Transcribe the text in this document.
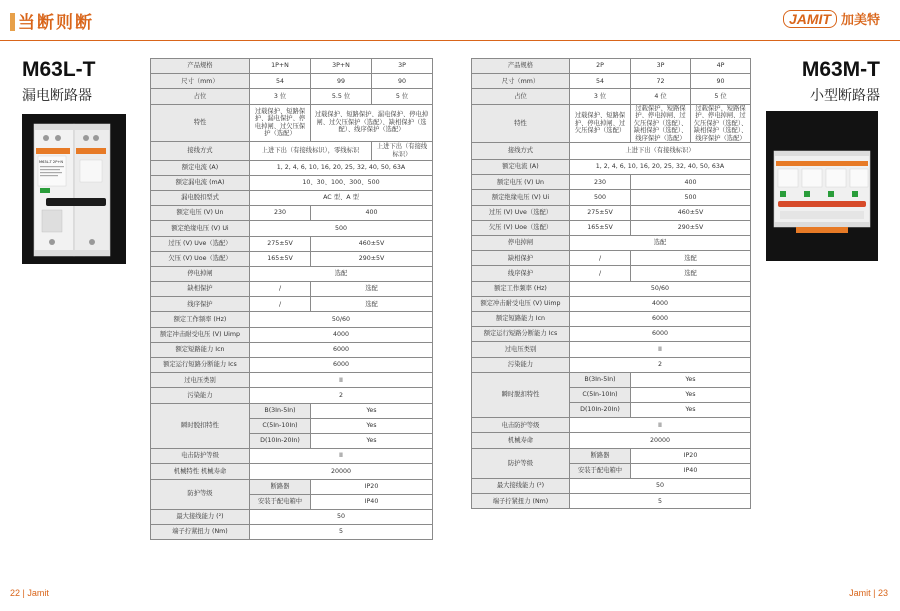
当断则断	JAMIT 加美特
M63L-T
漏电断路器
M63M-T
小型断路器
M63L-T 2P+N
产品规格	1P+N	3P+N	3P
尺寸（mm）	54	99	90
占位	3 位	5.5 位	5 位
特性	过载保护、短路保护、漏电保护、停电掉闸、过欠压保护（选配）	过载保护、短路保护、漏电保护、停电掉闸、过欠压保护（选配）、缺相保护（选配）、线序保护（选配）	
接线方式	上进下出（有接线标识），零线标识		上进下出（有接线标识）
额定电流 (A)	1, 2, 4, 6, 10, 16, 20, 25, 32, 40, 50, 63A		
额定漏电流 (mA)	10、30、100、300、500		
漏电脱扣型式	AC 型、A 型		
额定电压 (V) Un	230	400	
额定绝缘电压 (V) Ui	500		
过压 (V) Uve（选配）	275±5V	460±5V	
欠压 (V) Uoe（选配）	165±5V	290±5V	
停电掉闸	选配		
缺相保护	/	选配	
线序保护	/	选配	
额定工作频率 (Hz)	50/60		
额定冲击耐受电压 (V) Uimp	4000		
额定短路能力 Icn	6000		
额定运行短路分断能力 Ics	6000		
过电压类别	II		
污染能力	2		
瞬时脱扣特性	B(3In-5In)	Yes	
	C(5In-10In)	Yes	
	D(10In-20In)	Yes	
电击防护等级	II		
机械特性 机械寿命	20000		
防护等级	断路器	IP20	
	安装于配电箱中	IP40	
最大接线能力 (²)	50		
端子拧紧扭力 (Nm)	5		
产品规格	2P	3P	4P
尺寸（mm）	54	72	90
占位	3 位	4 位	5 位
特性	过载保护、短路保护、停电掉闸、过欠压保护（选配）	过载保护、短路保护、停电掉闸、过欠压保护（选配）、缺相保护（选配）、线序保护（选配）	过载保护、短路保护、停电掉闸、过欠压保护（选配）、缺相保护（选配）、线序保护（选配）
接线方式	上进下出（有接线标识）		
额定电流 (A)	1, 2, 4, 6, 10, 16, 20, 25, 32, 40, 50, 63A		
额定电压 (V) Un	230	400	
额定绝缘电压 (V) Ui	500	500	
过压 (V) Uve（选配）	275±5V	460±5V	
欠压 (V) Uoe（选配）	165±5V	290±5V	
停电掉闸	选配		
缺相保护	/	选配	
线序保护	/	选配	
额定工作频率 (Hz)	50/60		
额定冲击耐受电压 (V) Uimp	4000		
额定短路能力 Icn	6000		
额定运行短路分断能力 Ics	6000		
过电压类别	II		
污染能力	2		
瞬时脱扣特性	B(3In-5In)	Yes	
	C(5In-10In)	Yes	
	D(10In-20In)	Yes	
电击防护等级	II		
机械寿命	20000		
防护等级	断路器	IP20	
	安装于配电箱中	IP40	
最大接线能力 (²)	50		
端子拧紧扭力 (Nm)	5		
22 | Jamit	Jamit | 23
